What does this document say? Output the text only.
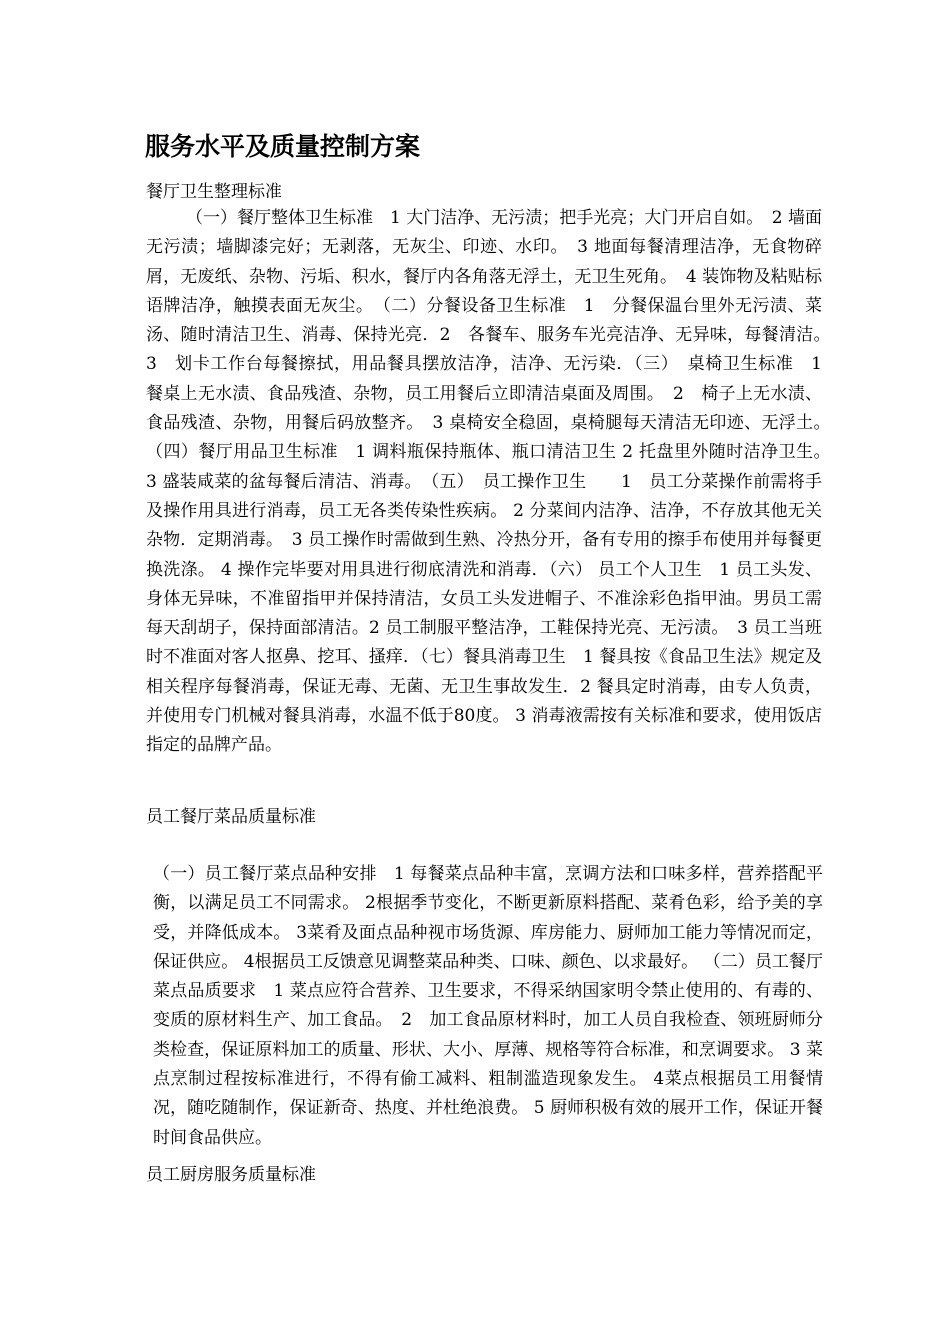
服务水平及质量控制方案
餐厅卫生整理标准

（一）餐厅整体卫生标准　1 大门洁净、无污渍；把手光亮；大门开启自如。　2 墙面无污渍；墙脚漆完好；无剥落，无灰尘、印迹、水印。　3 地面每餐清理洁净，无食物碎屑，无废纸、杂物、污垢、积水，餐厅内各角落无浮土，无卫生死角。　4 装饰物及粘贴标语牌洁净，触摸表面无灰尘。　（二）分餐设备卫生标准　1　分餐保温台里外无污渍、菜汤、随时清洁卫生、消毒、保持光亮．2　各餐车、服务车光亮洁净、无异味，每餐清洁。　3　划卡工作台每餐擦拭，用品餐具摆放洁净，洁净、无污染．（三）　桌椅卫生标准　1　餐桌上无水渍、食品残渣、杂物，员工用餐后立即清洁桌面及周围。　2　椅子上无水渍、食品残渣、杂物，用餐后码放整齐。　3 桌椅安全稳固，桌椅腿每天清洁无印迹、无浮土。　（四）餐厅用品卫生标准　1 调料瓶保持瓶体、瓶口清洁卫生 2 托盘里外随时洁净卫生。　3 盛装咸菜的盆每餐后清洁、消毒。　（五）　员工操作卫生　　1　员工分菜操作前需将手及操作用具进行消毒，员工无各类传染性疾病。 2 分菜间内洁净、洁净，不存放其他无关杂物．定期消毒。　3 员工操作时需做到生熟、冷热分开，备有专用的擦手布使用并每餐更换洗涤。 4 操作完毕要对用具进行彻底清洗和消毒．（六） 员工个人卫生　1 员工头发、身体无异味，不准留指甲并保持清洁，女员工头发进帽子、不准涂彩色指甲油。男员工需每天刮胡子，保持面部清洁。2 员工制服平整洁净，工鞋保持光亮、无污渍。　3 员工当班时不准面对客人抠鼻、挖耳、搔痒．（七）餐具消毒卫生　1 餐具按《食品卫生法》规定及相关程序每餐消毒，保证无毒、无菌、无卫生事故发生．2 餐具定时消毒，由专人负责，并使用专门机械对餐具消毒，水温不低于80度。 3 消毒液需按有关标准和要求，使用饭店指定的品牌产品。

员工餐厅菜品质量标准

（一）员工餐厅菜点品种安排　1 每餐菜点品种丰富，烹调方法和口味多样，营养搭配平衡，以满足员工不同需求。 2根据季节变化，不断更新原料搭配、菜肴色彩，给予美的享受，并降低成本。 3菜肴及面点品种视市场货源、库房能力、厨师加工能力等情况而定，保证供应。 4根据员工反馈意见调整菜品种类、口味、颜色、以求最好。 （二）员工餐厅菜点品质要求　1 菜点应符合营养、卫生要求，不得采纳国家明令禁止使用的、有毒的、变质的原材料生产、加工食品。　2　加工食品原材料时，加工人员自我检查、领班厨师分类检查，保证原料加工的质量、形状、大小、厚薄、规格等符合标准，和烹调要求。 3 菜点烹制过程按标准进行，不得有偷工减料、粗制滥造现象发生。 4菜点根据员工用餐情况，随吃随制作，保证新奇、热度、并杜绝浪费。 5 厨师积极有效的展开工作，保证开餐时间食品供应。

员工厨房服务质量标准
